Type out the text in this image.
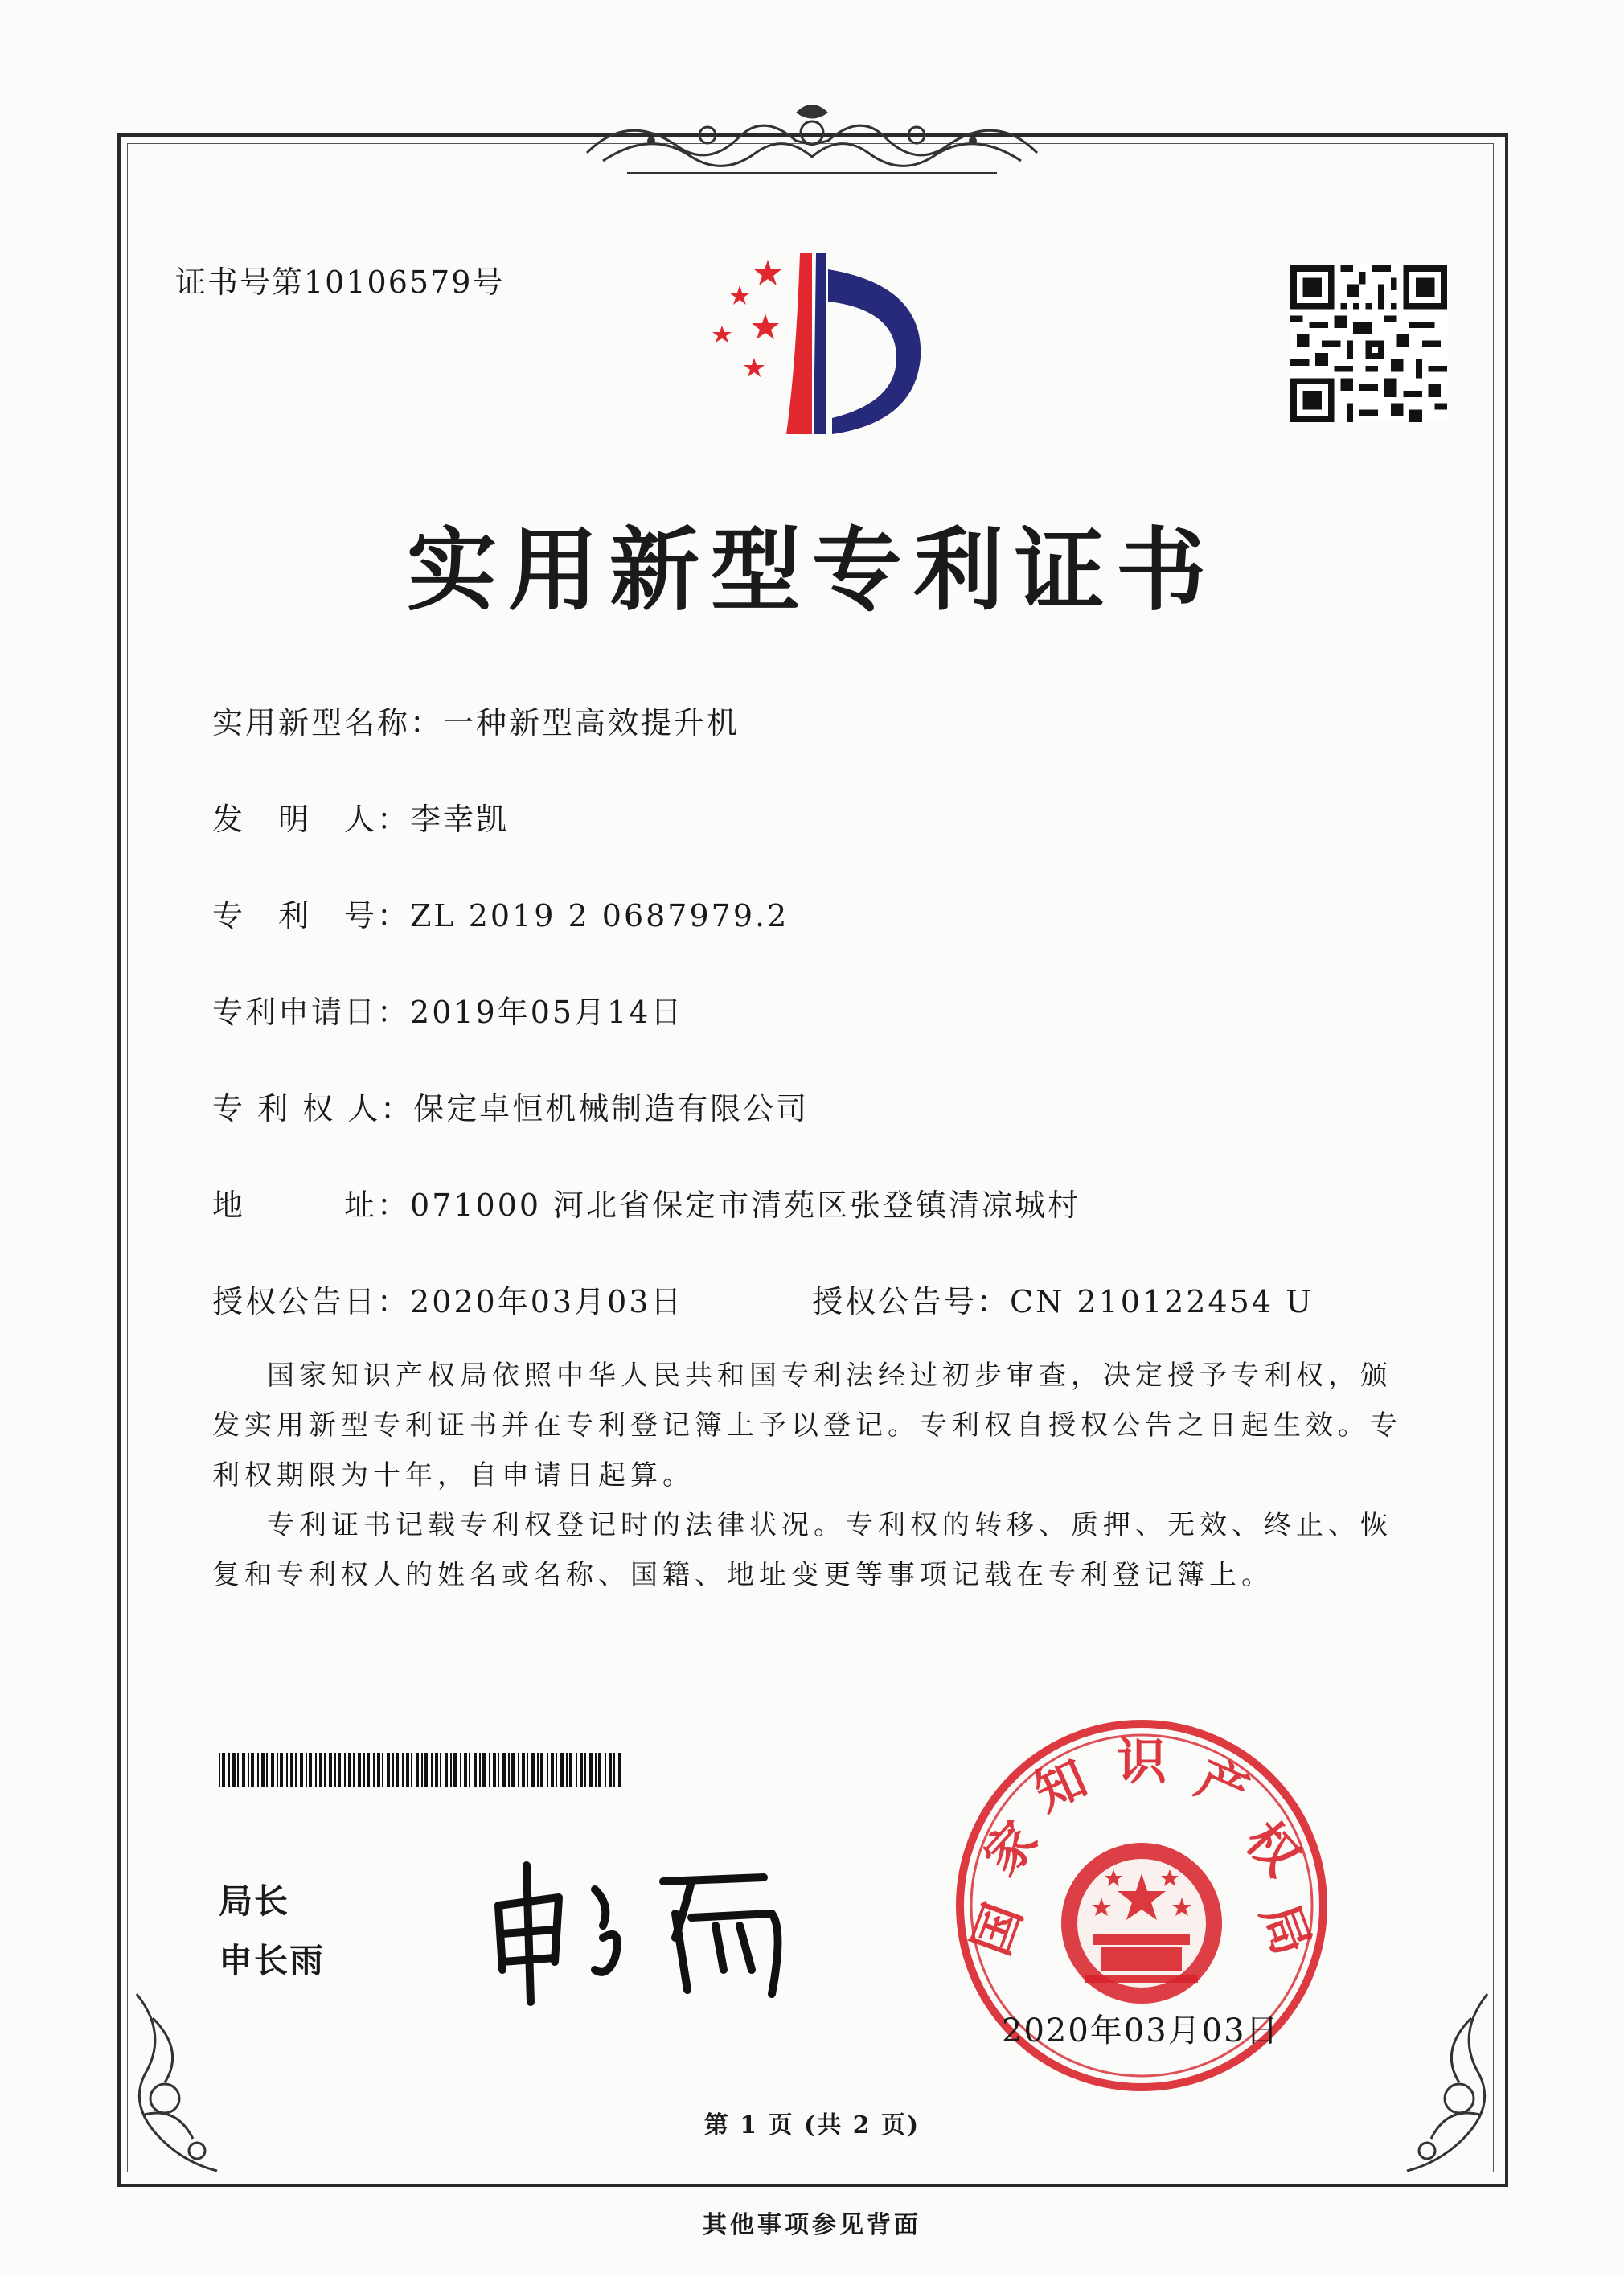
证书号第10106579号
实用新型专利证书
实用新型名称：一种新型高效提升机
发　明　人：李幸凯
专　利　号：ZL 2019 2 0687979.2
专利申请日：2019年05月14日
专 利 权 人：保定卓恒机械制造有限公司
地　　　址：071000 河北省保定市清苑区张登镇清凉城村
授权公告日：2020年03月03日	授权公告号：CN 210122454 U

国家知识产权局依照中华人民共和国专利法经过初步审查，决定授予专利权，颁发实用新型专利证书并在专利登记簿上予以登记。专利权自授权公告之日起生效。专利权期限为十年，自申请日起算。

专利证书记载专利权登记时的法律状况。专利权的转移、质押、无效、终止、恢复和专利权人的姓名或名称、国籍、地址变更等事项记载在专利登记簿上。

局长
申长雨	国
家
知 识 产
权
局
2020年03月03日
第 1 页 (共 2 页)
其他事项参见背面
